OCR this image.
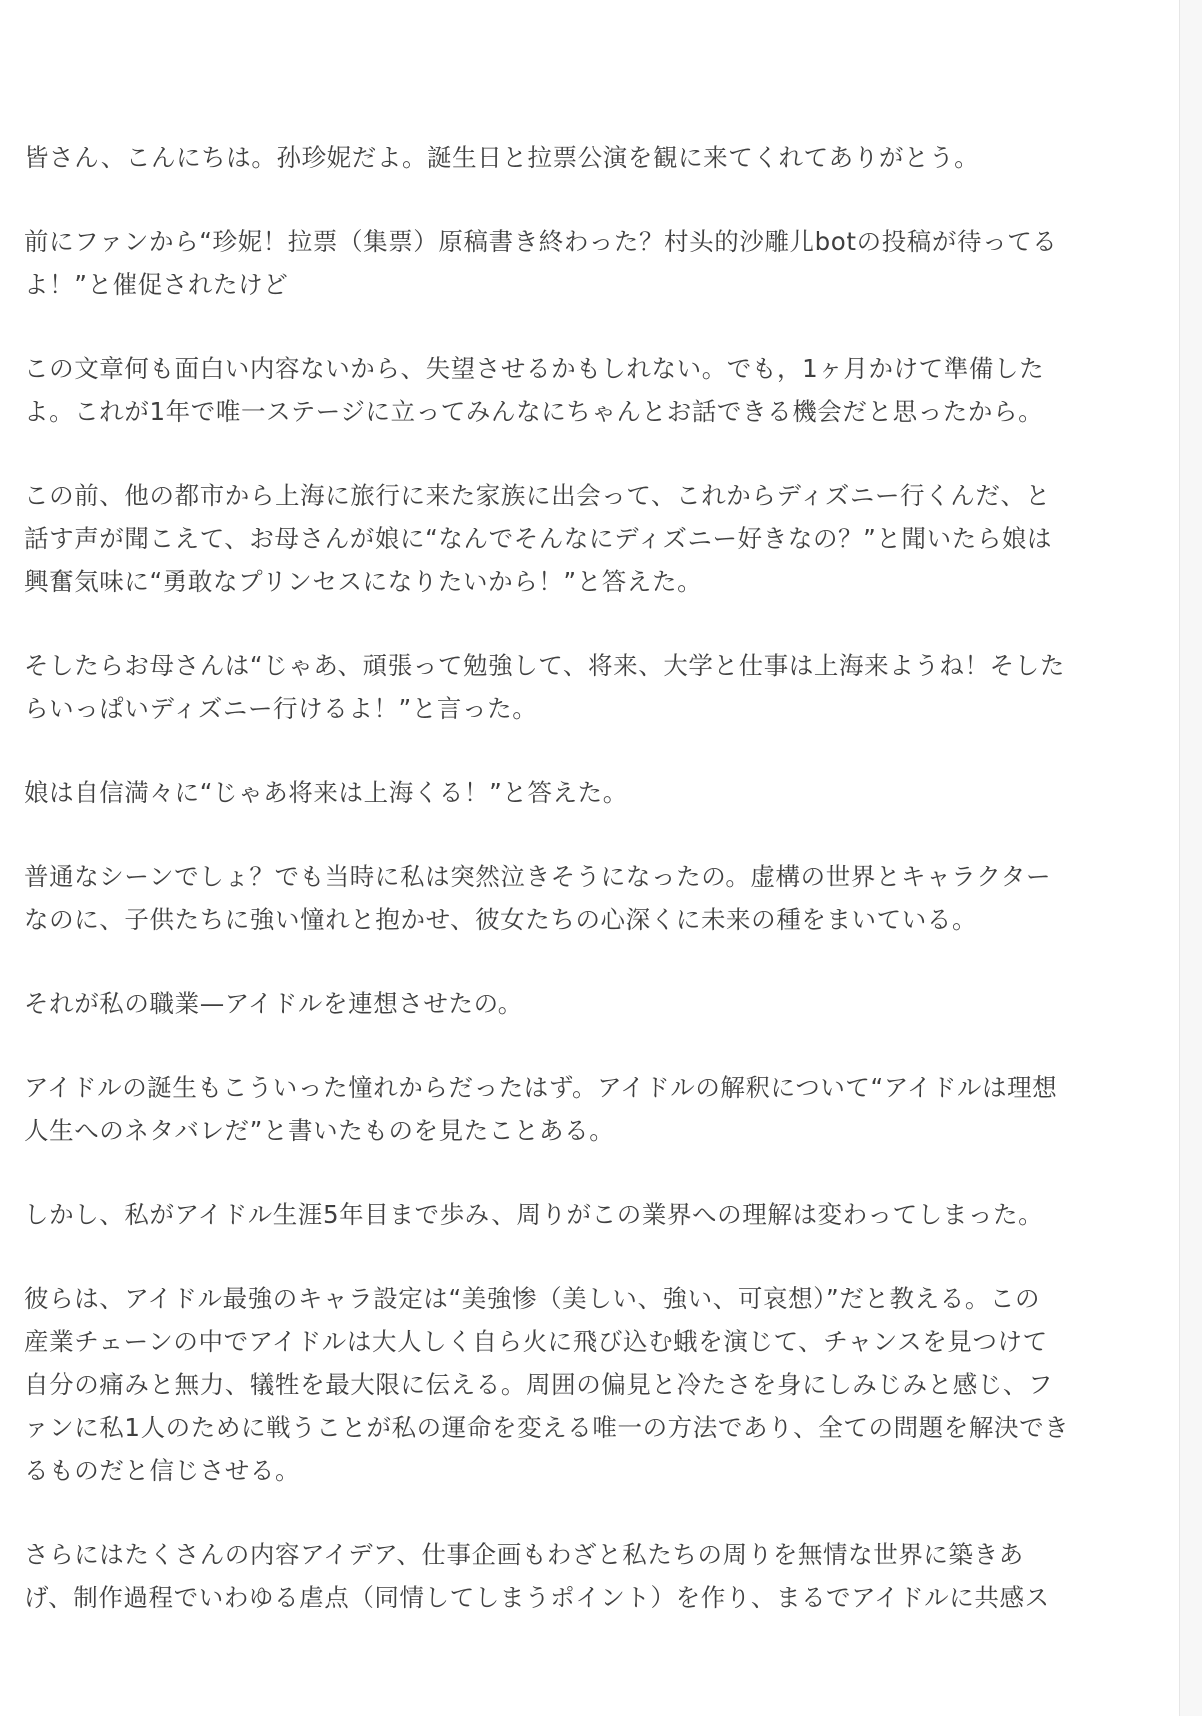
皆さん、こんにちは。孙珍妮だよ。誕生日と拉票公演を観に来てくれてありがとう。

前にファンから“珍妮！拉票（集票）原稿書き終わった？村头的沙雕儿botの投稿が待ってる
よ！”と催促されたけど

この文章何も面白い内容ないから、失望させるかもしれない。でも，1ヶ月かけて準備した
よ。これが1年で唯一ステージに立ってみんなにちゃんとお話できる機会だと思ったから。

この前、他の都市から上海に旅行に来た家族に出会って、これからディズニー行くんだ、と
話す声が聞こえて、お母さんが娘に“なんでそんなにディズニー好きなの？”と聞いたら娘は
興奮気味に“勇敢なプリンセスになりたいから！”と答えた。

そしたらお母さんは“じゃあ、頑張って勉強して、将来、大学と仕事は上海来ようね！そした
らいっぱいディズニー行けるよ！”と言った。

娘は自信満々に“じゃあ将来は上海くる！”と答えた。

普通なシーンでしょ？でも当時に私は突然泣きそうになったの。虚構の世界とキャラクター
なのに、子供たちに強い憧れと抱かせ、彼女たちの心深くに未来の種をまいている。

それが私の職業—アイドルを連想させたの。

アイドルの誕生もこういった憧れからだったはず。アイドルの解釈について“アイドルは理想
人生へのネタバレだ”と書いたものを見たことある。

しかし、私がアイドル生涯5年目まで歩み、周りがこの業界への理解は変わってしまった。

彼らは、アイドル最強のキャラ設定は“美強惨（美しい、強い、可哀想）”だと教える。この
産業チェーンの中でアイドルは大人しく自ら火に飛び込む蛾を演じて、チャンスを見つけて
自分の痛みと無力、犠牲を最大限に伝える。周囲の偏見と冷たさを身にしみじみと感じ、フ
ァンに私1人のために戦うことが私の運命を変える唯一の方法であり、全ての問題を解決でき
るものだと信じさせる。

さらにはたくさんの内容アイデア、仕事企画もわざと私たちの周りを無情な世界に築きあ
げ、制作過程でいわゆる虐点（同情してしまうポイント）を作り、まるでアイドルに共感ス
